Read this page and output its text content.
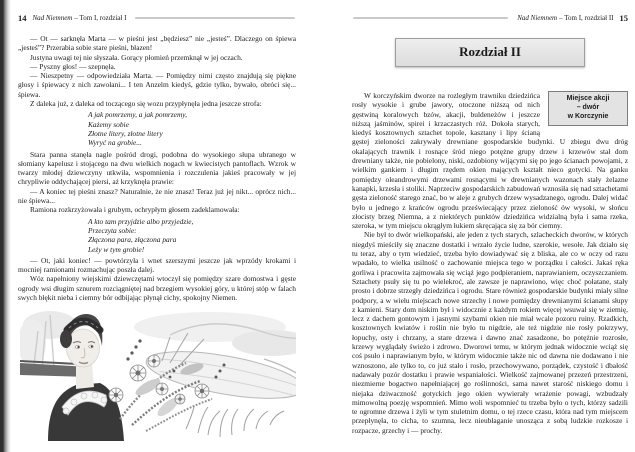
14 Nad Niemnem – Tom I, rozdział I

— Ot — sarknęła Marta — w pieśni jest „będziesz” nie „jesteś”. Dlaczego on śpiewa „jesteś”? Przerabia sobie stare pieśni, błazen!

Justyna uwagi tej nie słyszała. Gorący płomień przemknął w jej oczach.

— Pyszny głos! — szepnęła.

— Nieszpetny — odpowiedziała Marta. — Pomiędzy nimi często znajdują się piękne głosy i śpiewacy z nich zawołani... I ten Anzelm kiedyś, gdzie tylko, bywało, obróci się... śpiewa.

Z daleka już, z daleka od toczącego się wozu przypłynęła jedna jeszcze strofa:

A jak pomrzemy, a jak pomrzemy,
Każemy sobie
Złotne litery, złotne litery
Wyryć na grobie...

Stara panna stanęła nagle pośród drogi, podobna do wysokiego słupa ubranego w słomiany kapelusz i stojącego na dwu wielkich nogach w kwiecistych pantoflach. Wzrok w twarzy młodej dziewczyny utkwiła, wspomnienia i rozczulenia jakieś pracowały w jej chrypliwie oddychającej piersi, aż krzyknęła prawie:

— A koniec tej pieśni znasz? Naturalnie, że nie znasz! Teraz już jej nikt... oprócz nich... nie śpiewa...

Ramiona rozkrzyżowała i grubym, ochrypłym głosem zadeklamowała:

A kto tam przyjdzie albo przyjedzie,
Przeczyta sobie:
Złączona para, złączona para
Leży w tym grobie!

— Ot, jaki koniec! — powtórzyła i wnet szerszymi jeszcze jak wprzódy krokami i mocniej ramionami rozmachując poszła dalej.

Wóz napełniony wiejskimi dziewczętami wtoczył się pomiędzy szare domostwa i gęste ogrody wsi długim sznurem rozciągniętej nad brzegiem wysokiej góry, u której stóp w falach swych błękit nieba i ciemny bór odbijając płynął cichy, spokojny Niemen.

Nad Niemnem – Tom I, rozdział II 15
Rozdział II

Miejsce akcji
– dwór
w Korczynie
W korczyńskim dworze na rozległym trawniku dziedzińca rosły wysokie i grube jawory, otoczone niższą od nich gęstwiną koralowych bzów, akacji, buldeneżów i jeszcze niższą jaśminów, spirei i krzaczastych róż. Dokoła starych, kiedyś kosztownych sztachet topole, kasztany i lipy ścianą gęstej zieloności zakrywały drewniane gospodarskie budynki. U zbiegu dwu dróg okalających trawnik i rosnące śród niego potężne grupy drzew i krzewów stał dom drewniany także, nie pobielony, niski, ozdobiony wijącymi się po jego ścianach powojami, z wielkim gankiem i długim rzędem okien mających kształt nieco gotycki. Na ganku pomiędzy oleandrowymi drzewami rosnącymi w drewnianych wazonach stały żelazne kanapki, krzesła i stoliki. Naprzeciw gospodarskich zabudowań wznosiła się nad sztachetami gęsta zieloność starego znać, bo w aleje z grubych drzew wysadzanego, ogrodu. Dalej widać było u jednego z krańców ogrodu przeświecający przez zieloność ów wysoki, w słońcu złocisty brzeg Niemna, a z niektórych punktów dziedzińca widzialną była i sama rzeka, szeroka, w tym miejscu okrągłym łukiem skręcająca się za bór ciemny.

Nie był to dwór wielkopański, ale jeden z tych starych, szlacheckich dworów, w których niegdyś mieściły się znaczne dostatki i wrzało życie ludne, szerokie, wesołe. Jak działo się tu teraz, aby o tym wiedzieć, trzeba było dowiadywać się z bliska, ale co w oczy od razu wpadało, to wielka usilność o zachowanie miejsca tego w porządku i całości. Jakaś ręka gorliwa i pracowita zajmowała się wciąż jego podpieraniem, naprawianiem, oczyszczaniem. Sztachety psuły się tu po wielekroć, ale zawsze je naprawiono, więc choć połatane, stały prosto i dobrze strzegły dziedzińca i ogrodu. Stare również gospodarskie budynki miały silne podpory, a w wielu miejscach nowe strzechy i nowe pomiędzy drewnianymi ścianami słupy z kamieni. Stary dom niskim był i widocznie z każdym rokiem więcej wsuwał się w ziemię, lecz z dachem gontowym i jasnymi szybami okien nie miał wcale pozoru ruiny. Rzadkich, kosztownych kwiatów i roślin nie było tu nigdzie, ale też nigdzie nie rosły pokrzywy, łopuchy, osty i chrzany, a stare drzewa i dawno znać zasadzone, bo potężnie rozrosłe, krzewy wyglądały świeżo i zdrowo. Dworowi temu, w którym jednak widocznie wciąż się coś psuło i naprawianym było, w którym widocznie także nic od dawna nie dodawano i nie wznoszono, ale tylko to, co już stało i rosło, przechowywano, porządek, czystość i dbałość nadawały pozór dostatku i prawie wspaniałości. Wielkość zajmowanej przezeń przestrzeni, niezmierne bogactwo napełniającej go roślinności, sama nawet starość niskiego domu i niejaka dziwaczność gotyckich jego okien wywierały wrażenie powagi, wzbudzały mimowolną poezję wspomnień. Mimo woli wspomnieć tu trzeba było o tych, którzy sadzili te ogromne drzewa i żyli w tym stuletnim domu, o tej rzece czasu, która nad tym miejscem przepłynęła, to cicha, to szumna, lecz nieubłaganie unosząca z sobą ludzkie rozkosze i rozpacze, grzechy i — prochy.
